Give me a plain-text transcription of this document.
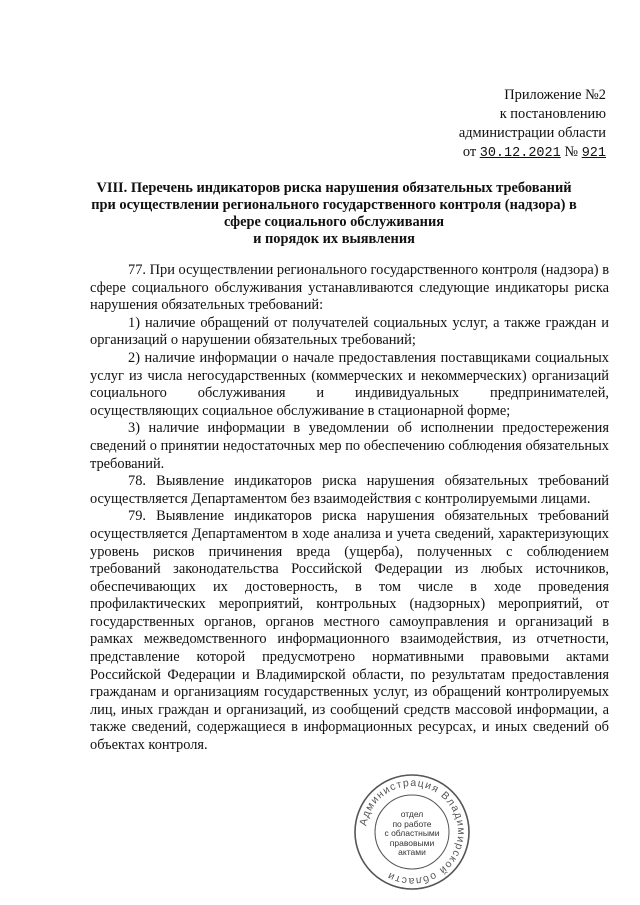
Приложение №2
к постановлению
администрации области
от 30.12.2021 № 921
VIII. Перечень индикаторов риска нарушения обязательных требований
при осуществлении регионального государственного контроля (надзора) в
сфере социального обслуживания
и порядок их выявления

77. При осуществлении регионального государственного контроля (надзора) в сфере социального обслуживания устанавливаются следующие индикаторы риска нарушения обязательных требований:

1) наличие обращений от получателей социальных услуг, а также граждан и организаций о нарушении обязательных требований;

2) наличие информации о начале предоставления поставщиками социальных услуг из числа негосударственных (коммерческих и некоммерческих) организаций социального обслуживания и индивидуальных предпринимателей, осуществляющих социальное обслуживание в стационарной форме;

3) наличие информации в уведомлении об исполнении предостережения сведений о принятии недостаточных мер по обеспечению соблюдения обязательных требований.

78. Выявление индикаторов риска нарушения обязательных требований осуществляется Департаментом без взаимодействия с контролируемыми лицами.

79. Выявление индикаторов риска нарушения обязательных требований осуществляется Департаментом в ходе анализа и учета сведений, характеризующих уровень рисков причинения вреда (ущерба), полученных с соблюдением требований законодательства Российской Федерации из любых источников, обеспечивающих их достоверность, в том числе в ходе проведения профилактических мероприятий, контрольных (надзорных) мероприятий, от государственных органов, органов местного самоуправления и организаций в рамках межведомственного информационного взаимодействия, из отчетности, представление которой предусмотрено нормативными правовыми актами Российской Федерации и Владимирской области, по результатам предоставления гражданам и организациям государственных услуг, из обращений контролируемых лиц, иных граждан и организаций, из сообщений средств массовой информации, а также сведений, содержащиеся в информационных ресурсах, и иных сведений об объектах контроля.

Администрация Владимирской области
отдел
по работе
с областными
правовыми
актами
